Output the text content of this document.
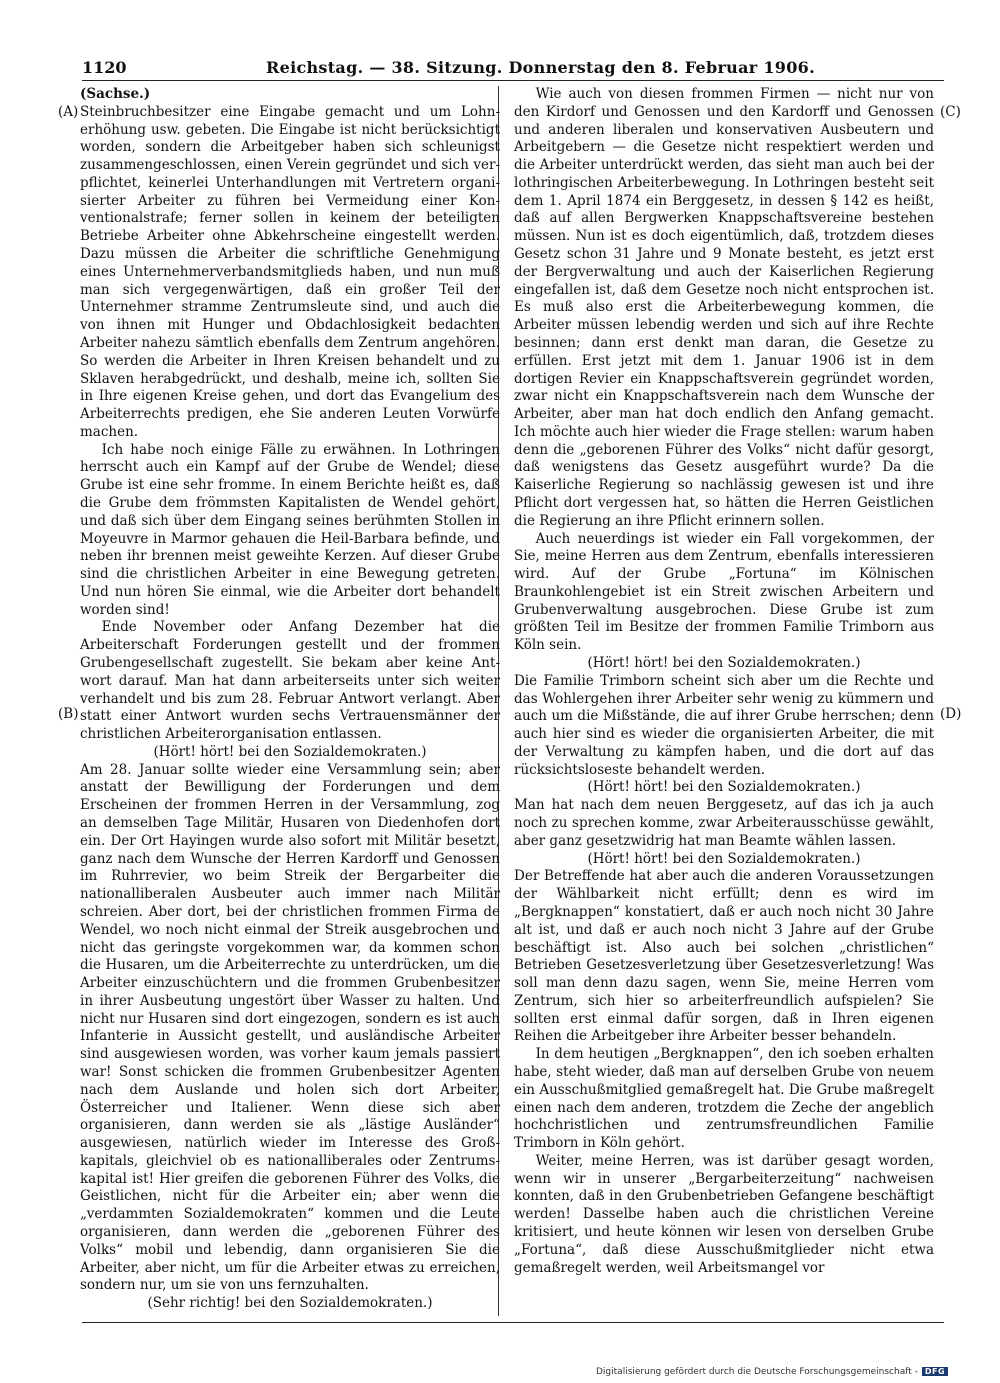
1120	Reichstag. — 38. Sitzung. Donnerstag den 8. Februar 1906.
(A)
(B)
(C)
(D)

(Sachse.)

Steinbruchbesitzer eine Eingabe gemacht und um Lohnerhöhung usw. gebeten. Die Eingabe ist nicht berücksichtigt worden, sondern die Arbeitgeber haben sich schleunigst zusammengeschlossen, einen Verein gegründet und sich verpflichtet, keinerlei Unterhandlungen mit Vertretern organisierter Arbeiter zu führen bei Vermeidung einer Konventionalstrafe; ferner sollen in keinem der beteiligten Betriebe Arbeiter ohne Abkehrscheine eingestellt werden. Dazu müssen die Arbeiter die schriftliche Genehmigung eines Unternehmerverbandsmitglieds haben, und nun muß man sich vergegenwärtigen, daß ein großer Teil der Unternehmer stramme Zentrumsleute sind, und auch die von ihnen mit Hunger und Obdachlosigkeit bedachten Arbeiter nahezu sämtlich ebenfalls dem Zentrum angehören. So werden die Arbeiter in Ihren Kreisen behandelt und zu Sklaven herabgedrückt, und deshalb, meine ich, sollten Sie in Ihre eigenen Kreise gehen, und dort das Evangelium des Arbeiterrechts predigen, ehe Sie anderen Leuten Vorwürfe machen.

Ich habe noch einige Fälle zu erwähnen. In Lothringen herrscht auch ein Kampf auf der Grube de Wendel; diese Grube ist eine sehr fromme. In einem Berichte heißt es, daß die Grube dem frömmsten Kapitalisten de Wendel gehört, und daß sich über dem Eingang seines berühmten Stollen in Moyeuvre in Marmor gehauen die Heil-Barbara befinde, und neben ihr brennen meist geweihte Kerzen. Auf dieser Grube sind die christlichen Arbeiter in eine Bewegung getreten. Und nun hören Sie einmal, wie die Arbeiter dort behandelt worden sind!

Ende November oder Anfang Dezember hat die Arbeiterschaft Forderungen gestellt und der frommen Grubengesellschaft zugestellt. Sie bekam aber keine Antwort darauf. Man hat dann arbeiterseits unter sich weiter verhandelt und bis zum 28. Februar Antwort verlangt. Aber statt einer Antwort wurden sechs Vertrauensmänner der christlichen Arbeiterorganisation entlassen.

(Hört! hört! bei den Sozialdemokraten.)

Am 28. Januar sollte wieder eine Versammlung sein; aber anstatt der Bewilligung der Forderungen und dem Erscheinen der frommen Herren in der Versammlung, zog an demselben Tage Militär, Husaren von Diedenhofen dort ein. Der Ort Hayingen wurde also sofort mit Militär besetzt, ganz nach dem Wunsche der Herren Kardorff und Genossen im Ruhrrevier, wo beim Streik der Bergarbeiter die nationalliberalen Ausbeuter auch immer nach Militär schreien. Aber dort, bei der christlichen frommen Firma de Wendel, wo noch nicht einmal der Streik ausgebrochen und nicht das geringste vorgekommen war, da kommen schon die Husaren, um die Arbeiterrechte zu unterdrücken, um die Arbeiter einzuschüchtern und die frommen Grubenbesitzer in ihrer Ausbeutung ungestört über Wasser zu halten. Und nicht nur Husaren sind dort eingezogen, sondern es ist auch Infanterie in Aussicht gestellt, und ausländische Arbeiter sind ausgewiesen worden, was vorher kaum jemals passiert war! Sonst schicken die frommen Grubenbesitzer Agenten nach dem Auslande und holen sich dort Arbeiter, Österreicher und Italiener. Wenn diese sich aber organisieren, dann werden sie als „lästige Ausländer“ ausgewiesen, natürlich wieder im Interesse des Großkapitals, gleichviel ob es nationalliberales oder Zentrumskapital ist! Hier greifen die geborenen Führer des Volks, die Geistlichen, nicht für die Arbeiter ein; aber wenn die „verdammten Sozialdemokraten“ kommen und die Leute organisieren, dann werden die „geborenen Führer des Volks“ mobil und lebendig, dann organisieren Sie die Arbeiter, aber nicht, um für die Arbeiter etwas zu erreichen, sondern nur, um sie von uns fernzuhalten.

(Sehr richtig! bei den Sozialdemokraten.)

Wie auch von diesen frommen Firmen — nicht nur von den Kirdorf und Genossen und den Kardorff und Genossen und anderen liberalen und konservativen Ausbeutern und Arbeitgebern — die Gesetze nicht respektiert werden und die Arbeiter unterdrückt werden, das sieht man auch bei der lothringischen Arbeiterbewegung. In Lothringen besteht seit dem 1. April 1874 ein Berggesetz, in dessen § 142 es heißt, daß auf allen Bergwerken Knappschaftsvereine bestehen müssen. Nun ist es doch eigentümlich, daß, trotzdem dieses Gesetz schon 31 Jahre und 9 Monate besteht, es jetzt erst der Bergverwaltung und auch der Kaiserlichen Regierung eingefallen ist, daß dem Gesetze noch nicht entsprochen ist. Es muß also erst die Arbeiterbewegung kommen, die Arbeiter müssen lebendig werden und sich auf ihre Rechte besinnen; dann erst denkt man daran, die Gesetze zu erfüllen. Erst jetzt mit dem 1. Januar 1906 ist in dem dortigen Revier ein Knappschaftsverein gegründet worden, zwar nicht ein Knappschaftsverein nach dem Wunsche der Arbeiter, aber man hat doch endlich den Anfang gemacht. Ich möchte auch hier wieder die Frage stellen: warum haben denn die „geborenen Führer des Volks“ nicht dafür gesorgt, daß wenigstens das Gesetz ausgeführt wurde? Da die Kaiserliche Regierung so nachlässig gewesen ist und ihre Pflicht dort vergessen hat, so hätten die Herren Geistlichen die Regierung an ihre Pflicht erinnern sollen.

Auch neuerdings ist wieder ein Fall vorgekommen, der Sie, meine Herren aus dem Zentrum, ebenfalls interessieren wird. Auf der Grube „Fortuna“ im Kölnischen Braunkohlengebiet ist ein Streit zwischen Arbeitern und Grubenverwaltung ausgebrochen. Diese Grube ist zum größten Teil im Besitze der frommen Familie Trimborn aus Köln sein.

(Hört! hört! bei den Sozialdemokraten.)

Die Familie Trimborn scheint sich aber um die Rechte und das Wohlergehen ihrer Arbeiter sehr wenig zu kümmern und auch um die Mißstände, die auf ihrer Grube herrschen; denn auch hier sind es wieder die organisierten Arbeiter, die mit der Verwaltung zu kämpfen haben, und die dort auf das rücksichtsloseste behandelt werden.

(Hört! hört! bei den Sozialdemokraten.)

Man hat nach dem neuen Berggesetz, auf das ich ja auch noch zu sprechen komme, zwar Arbeiterausschüsse gewählt, aber ganz gesetzwidrig hat man Beamte wählen lassen.

(Hört! hört! bei den Sozialdemokraten.)

Der Betreffende hat aber auch die anderen Voraussetzungen der Wählbarkeit nicht erfüllt; denn es wird im „Bergknappen“ konstatiert, daß er auch noch nicht 30 Jahre alt ist, und daß er auch noch nicht 3 Jahre auf der Grube beschäftigt ist. Also auch bei solchen „christlichen“ Betrieben Gesetzesverletzung über Gesetzesverletzung! Was soll man denn dazu sagen, wenn Sie, meine Herren vom Zentrum, sich hier so arbeiterfreundlich aufspielen? Sie sollten erst einmal dafür sorgen, daß in Ihren eigenen Reihen die Arbeitgeber ihre Arbeiter besser behandeln.

In dem heutigen „Bergknappen“, den ich soeben erhalten habe, steht wieder, daß man auf derselben Grube von neuem ein Ausschußmitglied gemaßregelt hat. Die Grube maßregelt einen nach dem anderen, trotzdem die Zeche der angeblich hochchristlichen und zentrumsfreundlichen Familie Trimborn in Köln gehört.

Weiter, meine Herren, was ist darüber gesagt worden, wenn wir in unserer „Bergarbeiterzeitung“ nachweisen konnten, daß in den Grubenbetrieben Gefangene beschäftigt werden! Dasselbe haben auch die christlichen Vereine kritisiert, und heute können wir lesen von derselben Grube „Fortuna“, daß diese Ausschußmitglieder nicht etwa gemaßregelt werden, weil Arbeitsmangel vor

Digitalisierung gefördert durch die Deutsche Forschungsgemeinschaft - DFG
